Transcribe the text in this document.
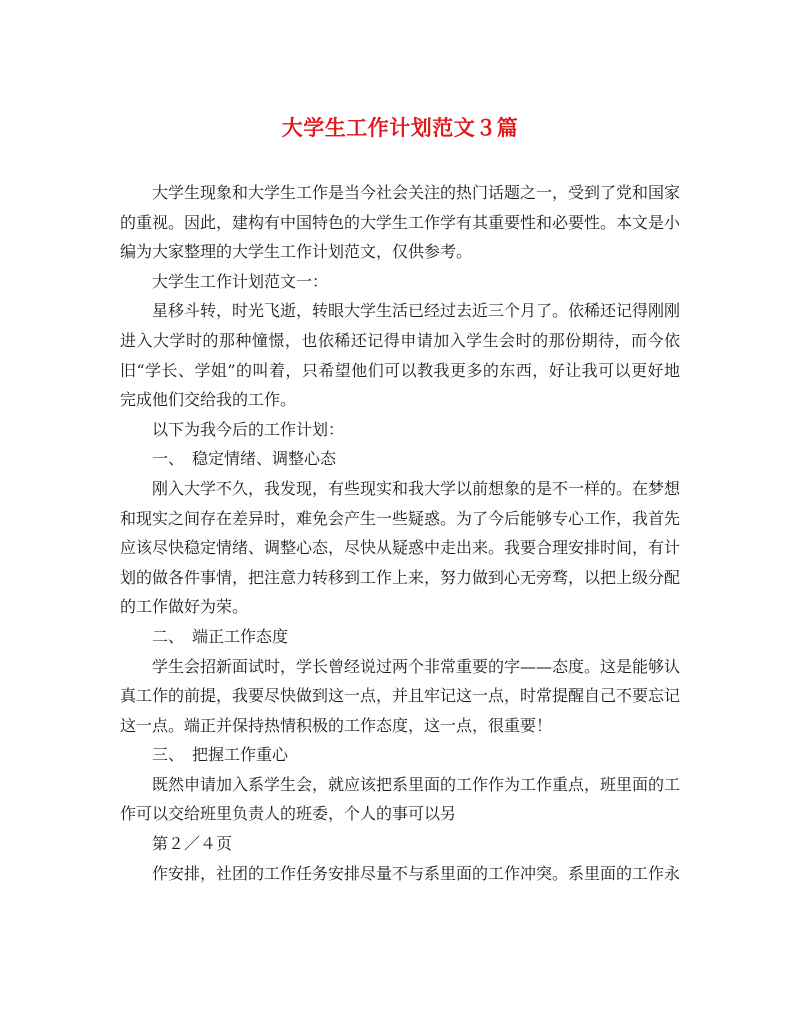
大学生工作计划范文３篇

大学生现象和大学生工作是当今社会关注的热门话题之一，受到了党和国家的重视。因此，建构有中国特色的大学生工作学有其重要性和必要性。本文是小编为大家整理的大学生工作计划范文，仅供参考。

大学生工作计划范文一：

星移斗转，时光飞逝，转眼大学生活已经过去近三个月了。依稀还记得刚刚进入大学时的那种憧憬，也依稀还记得申请加入学生会时的那份期待，而今依旧“学长、学姐”的叫着，只希望他们可以教我更多的东西，好让我可以更好地完成他们交给我的工作。

以下为我今后的工作计划：

一、　稳定情绪、调整心态

刚入大学不久，我发现，有些现实和我大学以前想象的是不一样的。在梦想和现实之间存在差异时，难免会产生一些疑惑。为了今后能够专心工作，我首先应该尽快稳定情绪、调整心态，尽快从疑惑中走出来。我要合理安排时间，有计划的做各件事情，把注意力转移到工作上来，努力做到心无旁骛，以把上级分配的工作做好为荣。

二、　端正工作态度

学生会招新面试时，学长曾经说过两个非常重要的字——态度。这是能够认真工作的前提，我要尽快做到这一点，并且牢记这一点，时常提醒自己不要忘记这一点。端正并保持热情积极的工作态度，这一点，很重要！

三、　把握工作重心

既然申请加入系学生会，就应该把系里面的工作作为工作重点，班里面的工作可以交给班里负责人的班委，个人的事可以另

第２／４页

作安排，社团的工作任务安排尽量不与系里面的工作冲突。系里面的工作永
